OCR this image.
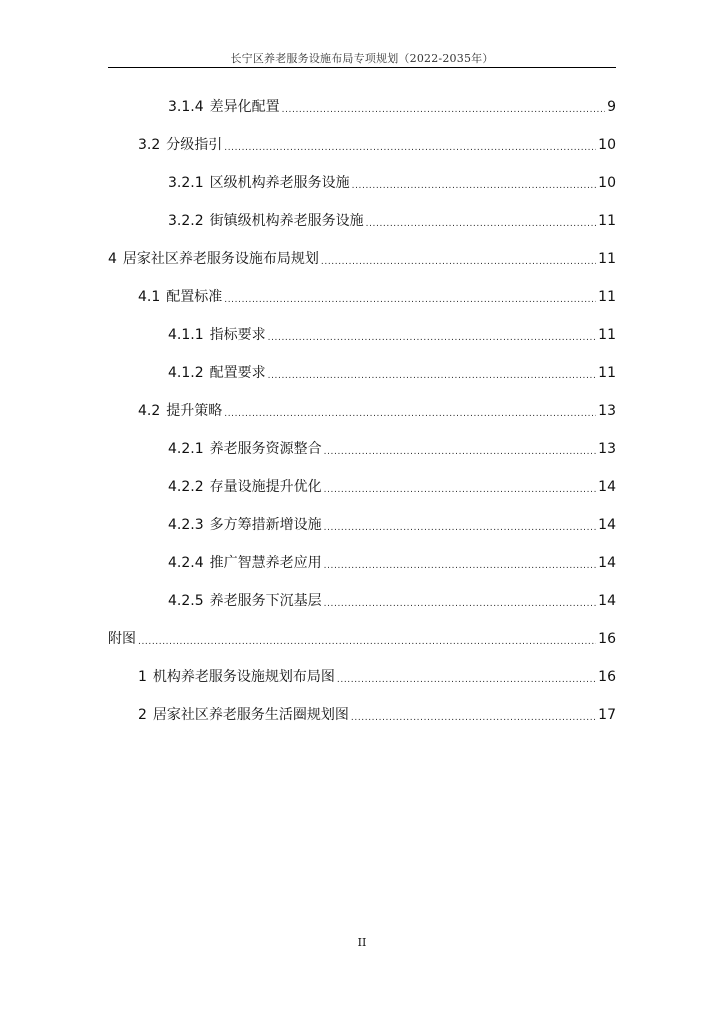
长宁区养老服务设施布局专项规划（2022-2035年）
3.1.4 差异化配置 .....	9
3.2 分级指引 .....	10
3.2.1 区级机构养老服务设施 .....	10
3.2.2 街镇级机构养老服务设施 .....	11
4 居家社区养老服务设施布局规划 .....	11
4.1 配置标准 .....	11
4.1.1 指标要求 .....	11
4.1.2 配置要求 .....	11
4.2 提升策略 .....	13
4.2.1 养老服务资源整合 .....	13
4.2.2 存量设施提升优化 .....	14
4.2.3 多方筹措新增设施 .....	14
4.2.4 推广智慧养老应用 .....	14
4.2.5 养老服务下沉基层 .....	14
附图 .....	16
1 机构养老服务设施规划布局图 .....	16
2 居家社区养老服务生活圈规划图 .....	17
II
